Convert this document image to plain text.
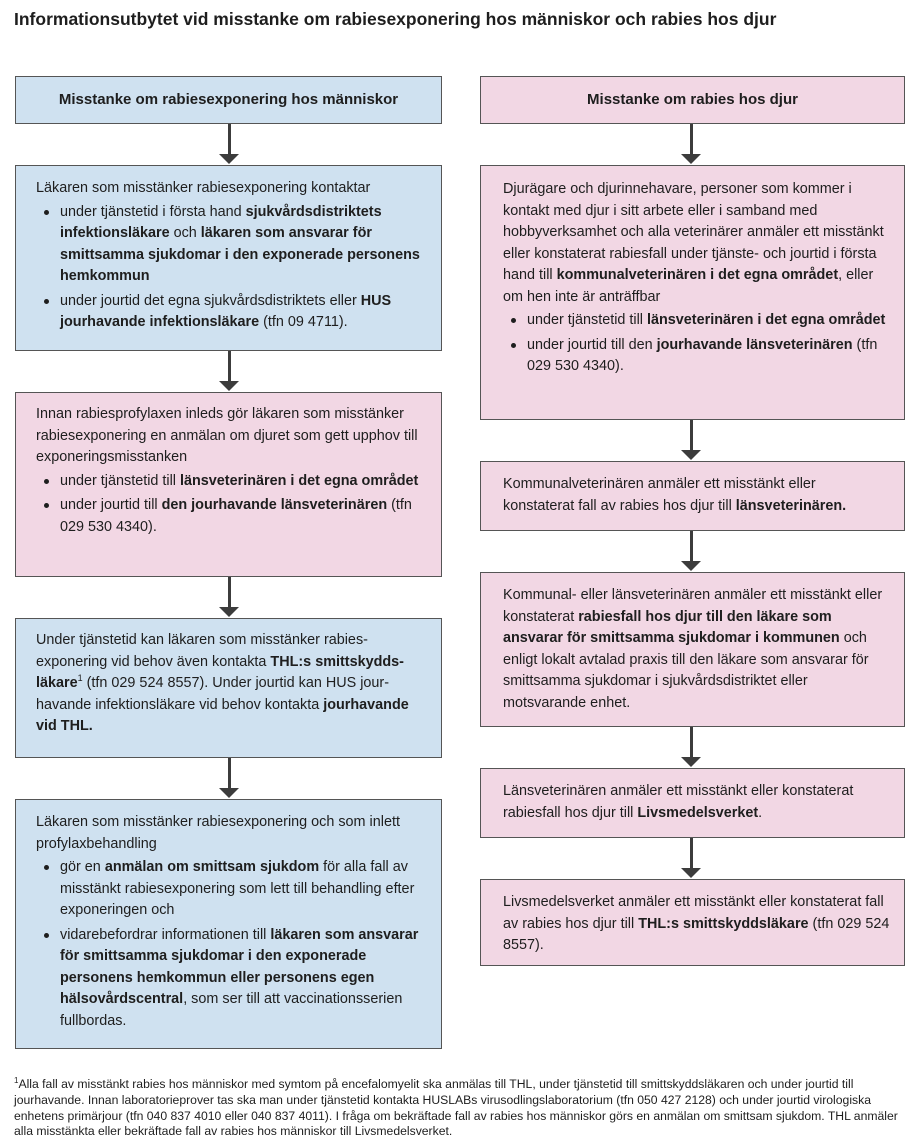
Informationsutbytet vid misstanke om rabiesexponering hos människor och rabies hos djur
Misstanke om rabiesexponering hos människor

Läkaren som misstänker rabiesexponering kontaktar

under tjänstetid i första hand sjukvårdsdistriktets infektionsläkare och läkaren som ansvarar för smittsamma sjukdomar i den exponerade personens hemkommun
under jourtid det egna sjukvårdsdistriktets eller HUS jourhavande infektionsläkare (tfn 09 4711).

Innan rabiesprofylaxen inleds gör läkaren som misstänker rabiesexponering en anmälan om djuret som gett upphov till exponeringsmisstanken

under tjänstetid till länsveterinären i det egna området
under jourtid till den jourhavande länsveterinären (tfn 029 530 4340).

Under tjänstetid kan läkaren som misstänker rabiesexponering vid behov även kontakta THL:s smittskyddsläkare$^1$ (tfn 029 524 8557). Under jourtid kan HUS jourhavande infektionsläkare vid behov kontakta jourhavande vid THL.

Läkaren som misstänker rabiesexponering och som inlett profylaxbehandling

gör en anmälan om smittsam sjukdom för alla fall av misstänkt rabiesexponering som lett till behandling efter exponeringen och
vidarebefordrar informationen till läkaren som ansvarar för smittsamma sjukdomar i den exponerade personens hemkommun eller personens egen hälsovårdscentral, som ser till att vaccinationsserien fullbordas.
Misstanke om rabies hos djur

Djurägare och djurinnehavare, personer som kommer i kontakt med djur i sitt arbete eller i samband med hobbyverksamhet och alla veterinärer anmäler ett misstänkt eller konstaterat rabiesfall under tjänste- och jourtid i första hand till kommunalveterinären i det egna området, eller om hen inte är anträffbar

under tjänstetid till länsveterinären i det egna området
under jourtid till den jourhavande länsveterinären (tfn 029 530 4340).

Kommunalveterinären anmäler ett misstänkt eller konstaterat fall av rabies hos djur till länsveterinären.

Kommunal- eller länsveterinären anmäler ett misstänkt eller konstaterat rabiesfall hos djur till den läkare som ansvarar för smittsamma sjukdomar i kommunen och enligt lokalt avtalad praxis till den läkare som ansvarar för smittsamma sjukdomar i sjukvårdsdistriktet eller motsvarande enhet.

Länsveterinären anmäler ett misstänkt eller konstaterat rabiesfall hos djur till Livsmedelsverket.

Livsmedelsverket anmäler ett misstänkt eller konstaterat fall av rabies hos djur till THL:s smittskyddsläkare (tfn 029 524 8557).

$^1$Alla fall av misstänkt rabies hos människor med symtom på encefalomyelit ska anmälas till THL, under tjänstetid till smittskyddsläkaren och under jourtid till jourhavande. Innan laboratorieprover tas ska man under tjänstetid kontakta HUSLABs virusodlingslaboratorium (tfn 050 427 2128) och under jourtid virologiska enhetens primärjour (tfn 040 837 4010 eller 040 837 4011). I fråga om bekräftade fall av rabies hos människor görs en anmälan om smittsam sjukdom. THL anmäler alla misstänkta eller bekräftade fall av rabies hos människor till Livsmedelsverket.
